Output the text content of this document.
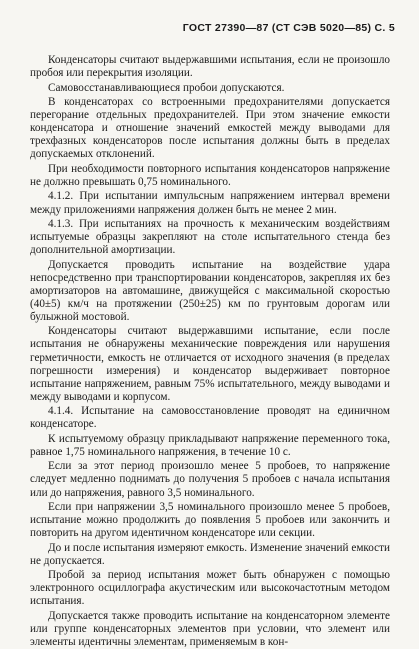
ГОСТ 27390—87 (СТ СЭВ 5020—85) С. 5

Конденсаторы считают выдержавшими испытания, если не произошло пробоя или перекрытия изоляции.

Самовосстанавливающиеся пробои допускаются.

В конденсаторах со встроенными предохранителями допускается перегорание отдельных предохранителей. При этом значение емкости конденсатора и отношение значений емкостей между выводами для трехфазных конденсаторов после испытания должны быть в пределах допускаемых отклонений.

При необходимости повторного испытания конденсаторов напряжение не должно превышать 0,75 номинального.

4.1.2. При испытании импульсным напряжением интервал времени между приложениями напряжения должен быть не менее 2 мин.

4.1.3. При испытаниях на прочность к механическим воздействиям испытуемые образцы закрепляют на столе испытательного стенда без дополнительной амортизации.

Допускается проводить испытание на воздействие удара непосредственно при транспортировании конденсаторов, закрепляя их без амортизаторов на автомашине, движущейся с максимальной скоростью (40±5) км/ч на протяжении (250±25) км по грунтовым дорогам или булыжной мостовой.

Конденсаторы считают выдержавшими испытание, если после испытания не обнаружены механические повреждения или нарушения герметичности, емкость не отличается от исходного значения (в пределах погрешности измерения) и конденсатор выдерживает повторное испытание напряжением, равным 75% испытательного, между выводами и между выводами и корпусом.

4.1.4. Испытание на самовосстановление проводят на единичном конденсаторе.

К испытуемому образцу прикладывают напряжение переменного тока, равное 1,75 номинального напряжения, в течение 10 с.

Если за этот период произошло менее 5 пробоев, то напряжение следует медленно поднимать до получения 5 пробоев с начала испытания или до напряжения, равного 3,5 номинального.

Если при напряжении 3,5 номинального произошло менее 5 пробоев, испытание можно продолжить до появления 5 пробоев или закончить и повторить на другом идентичном конденсаторе или секции.

До и после испытания измеряют емкость. Изменение значений емкости не допускается.

Пробой за период испытания может быть обнаружен с помощью электронного осциллографа акустическим или высокочастотным методом испытания.

Допускается также проводить испытание на конденсаторном элементе или группе конденсаторных элементов при условии, что элемент или элементы идентичны элементам, применяемым в кон-
